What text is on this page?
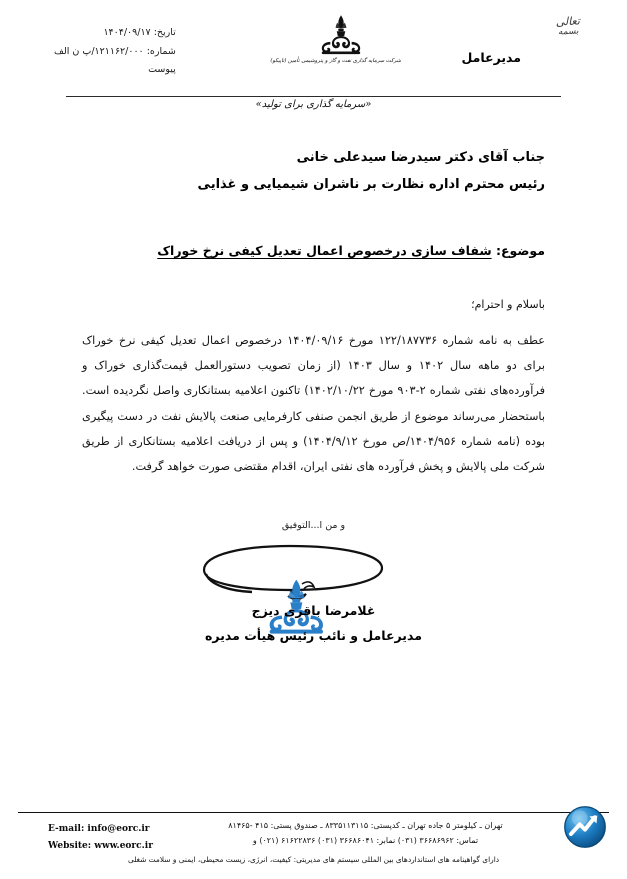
تعالی
بسمه
مدیرعامل
شرکت سرمایه گذاری نفت و گاز و پتروشیمی تأمین (تاپیکو)
تاریخ: ۱۴۰۴/۰۹/۱۷
شماره: ۱۲۱۱۶۲/۰۰۰/پ ن الف
پیوست
«سرمایه گذاری برای تولید»
جناب آقای دکتر سیدرضا سیدعلی خانی
رئیس محترم اداره نظارت بر ناشران شیمیایی و غذایی
موضوع: شفاف سازی درخصوص اعمال تعدیل کیفی نرخ خوراک
باسلام و احترام؛
عطف به نامه شماره ۱۲۲/۱۸۷۷۳۶ مورخ ۱۴۰۴/۰۹/۱۶ درخصوص اعمال تعدیل کیفی نرخ خوراک برای دو ماهه سال ۱۴۰۲ و سال ۱۴۰۳ (از زمان تصویب دستورالعمل قیمت‌گذاری خوراک و فرآورده‌های نفتی شماره ۲-۹۰۳ مورخ ۱۴۰۲/۱۰/۲۲) تاکنون اعلامیه بستانکاری واصل نگردیده است. باستحضار می‌رساند موضوع از طریق انجمن صنفی کارفرمایی صنعت پالایش نفت در دست پیگیری بوده (نامه شماره ۱۴۰۴/۹۵۶/ص مورخ ۱۴۰۴/۹/۱۲) و پس از دریافت اعلامیه بستانکاری از طریق شرکت ملی پالایش و پخش فرآورده های نفتی ایران، اقدام مقتضی صورت خواهد گرفت.
و من ا...التوفیق
غلامرضا باقری دیزج
مدیرعامل و نائب رئیس هیأت مدیره
E-mail: info@eorc.ir
Website: www.eorc.ir
تهران ـ کیلومتر ۵ جاده تهران ـ کدپستی: ۸۳۳۵۱۱۳۱۱۵ ـ صندوق پستی: ۴۱۵ -۸۱۴۶۵
تماس: ۳۶۶۸۶۹۶۲ (۰۳۱) نمابر: ۳۶۶۸۶۰۴۱ (۰۳۱) ۶۱۶۲۲۸۳۶ (۰۲۱) و
دارای گواهینامه های استانداردهای بین المللی سیستم های مدیریتی: کیفیت، انرژی، زیست محیطی، ایمنی و سلامت شغلی
